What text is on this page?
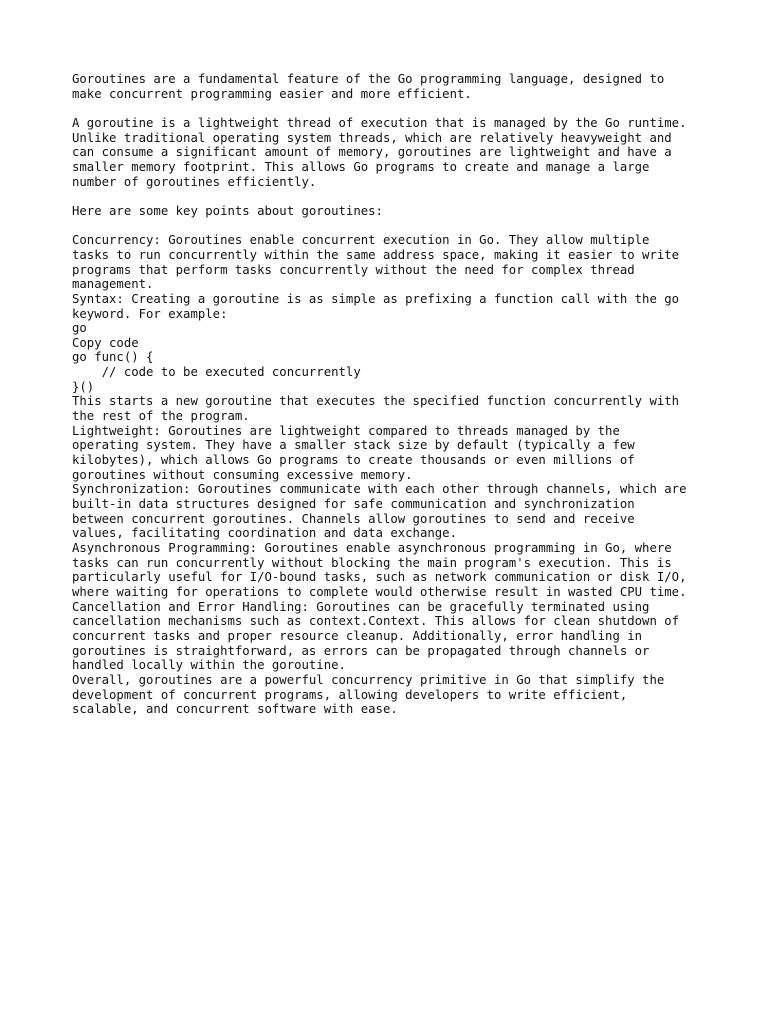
Goroutines are a fundamental feature of the Go programming language, designed to
make concurrent programming easier and more efficient.

A goroutine is a lightweight thread of execution that is managed by the Go runtime.
Unlike traditional operating system threads, which are relatively heavyweight and
can consume a significant amount of memory, goroutines are lightweight and have a
smaller memory footprint. This allows Go programs to create and manage a large
number of goroutines efficiently.

Here are some key points about goroutines:

Concurrency: Goroutines enable concurrent execution in Go. They allow multiple
tasks to run concurrently within the same address space, making it easier to write
programs that perform tasks concurrently without the need for complex thread
management.
Syntax: Creating a goroutine is as simple as prefixing a function call with the go
keyword. For example:
go
Copy code
go func() {
// code to be executed concurrently
}()
This starts a new goroutine that executes the specified function concurrently with
the rest of the program.
Lightweight: Goroutines are lightweight compared to threads managed by the
operating system. They have a smaller stack size by default (typically a few
kilobytes), which allows Go programs to create thousands or even millions of
goroutines without consuming excessive memory.
Synchronization: Goroutines communicate with each other through channels, which are
built-in data structures designed for safe communication and synchronization
between concurrent goroutines. Channels allow goroutines to send and receive
values, facilitating coordination and data exchange.
Asynchronous Programming: Goroutines enable asynchronous programming in Go, where
tasks can run concurrently without blocking the main program's execution. This is
particularly useful for I/O-bound tasks, such as network communication or disk I/O,
where waiting for operations to complete would otherwise result in wasted CPU time.
Cancellation and Error Handling: Goroutines can be gracefully terminated using
cancellation mechanisms such as context.Context. This allows for clean shutdown of
concurrent tasks and proper resource cleanup. Additionally, error handling in
goroutines is straightforward, as errors can be propagated through channels or
handled locally within the goroutine.
Overall, goroutines are a powerful concurrency primitive in Go that simplify the
development of concurrent programs, allowing developers to write efficient,
scalable, and concurrent software with ease.
